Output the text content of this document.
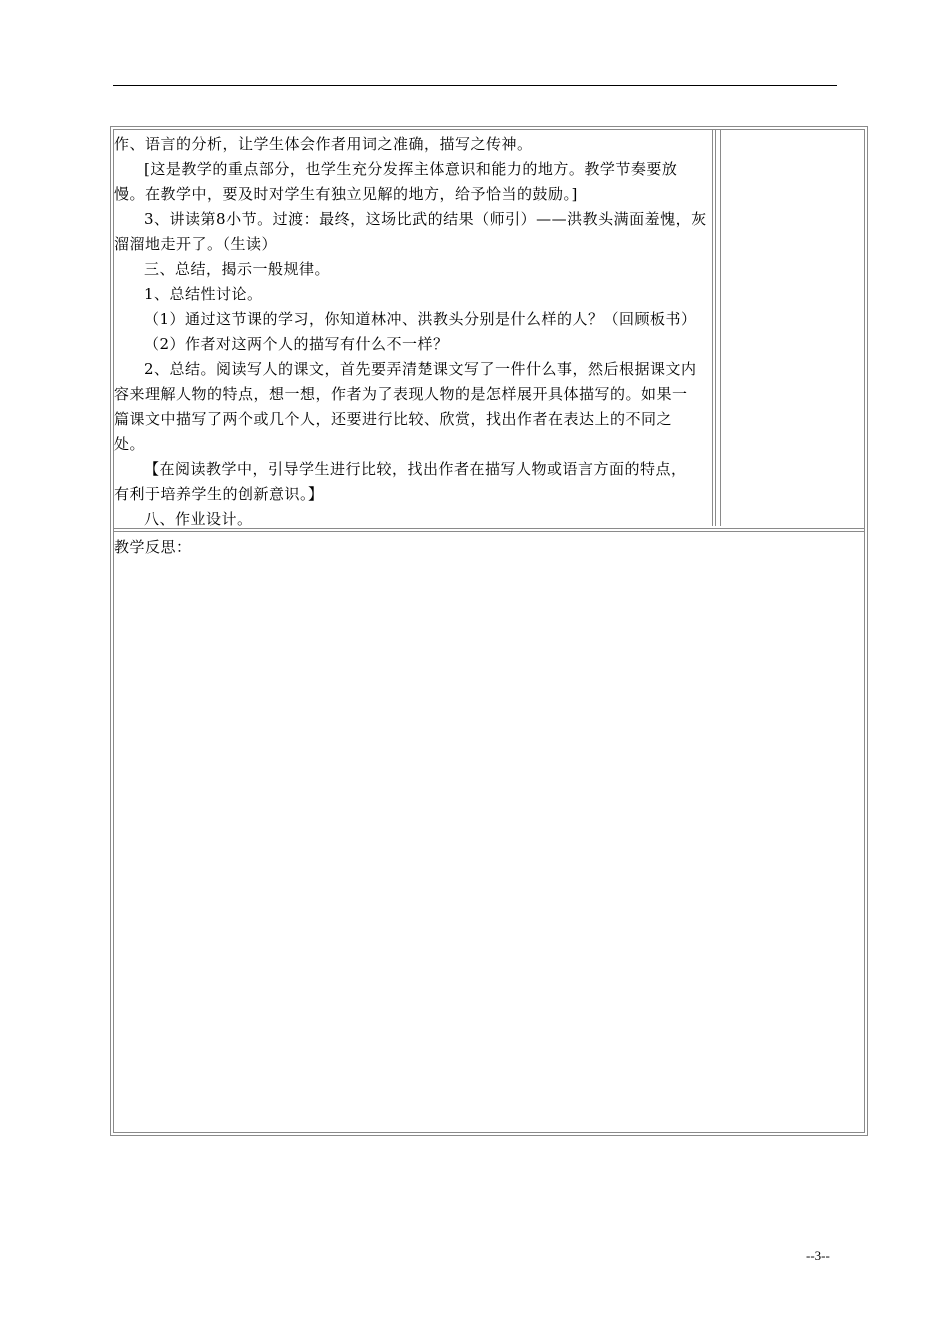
作、语言的分析，让学生体会作者用词之准确，描写之传神。

[这是教学的重点部分，也学生充分发挥主体意识和能力的地方。教学节奏要放

慢。在教学中，要及时对学生有独立见解的地方，给予恰当的鼓励。]

3、讲读第8小节。过渡：最终，这场比武的结果（师引）——洪教头满面羞愧，灰

溜溜地走开了。（生读）

三、总结，揭示一般规律。

1、总结性讨论。

（1）通过这节课的学习，你知道林冲、洪教头分别是什么样的人？（回顾板书）

（2）作者对这两个人的描写有什么不一样？

2、总结。阅读写人的课文，首先要弄清楚课文写了一件什么事，然后根据课文内

容来理解人物的特点，想一想，作者为了表现人物的是怎样展开具体描写的。如果一

篇课文中描写了两个或几个人，还要进行比较、欣赏，找出作者在表达上的不同之

处。

【在阅读教学中，引导学生进行比较，找出作者在描写人物或语言方面的特点，

有利于培养学生的创新意识。】

八、作业设计。

教学反思：
--3--
